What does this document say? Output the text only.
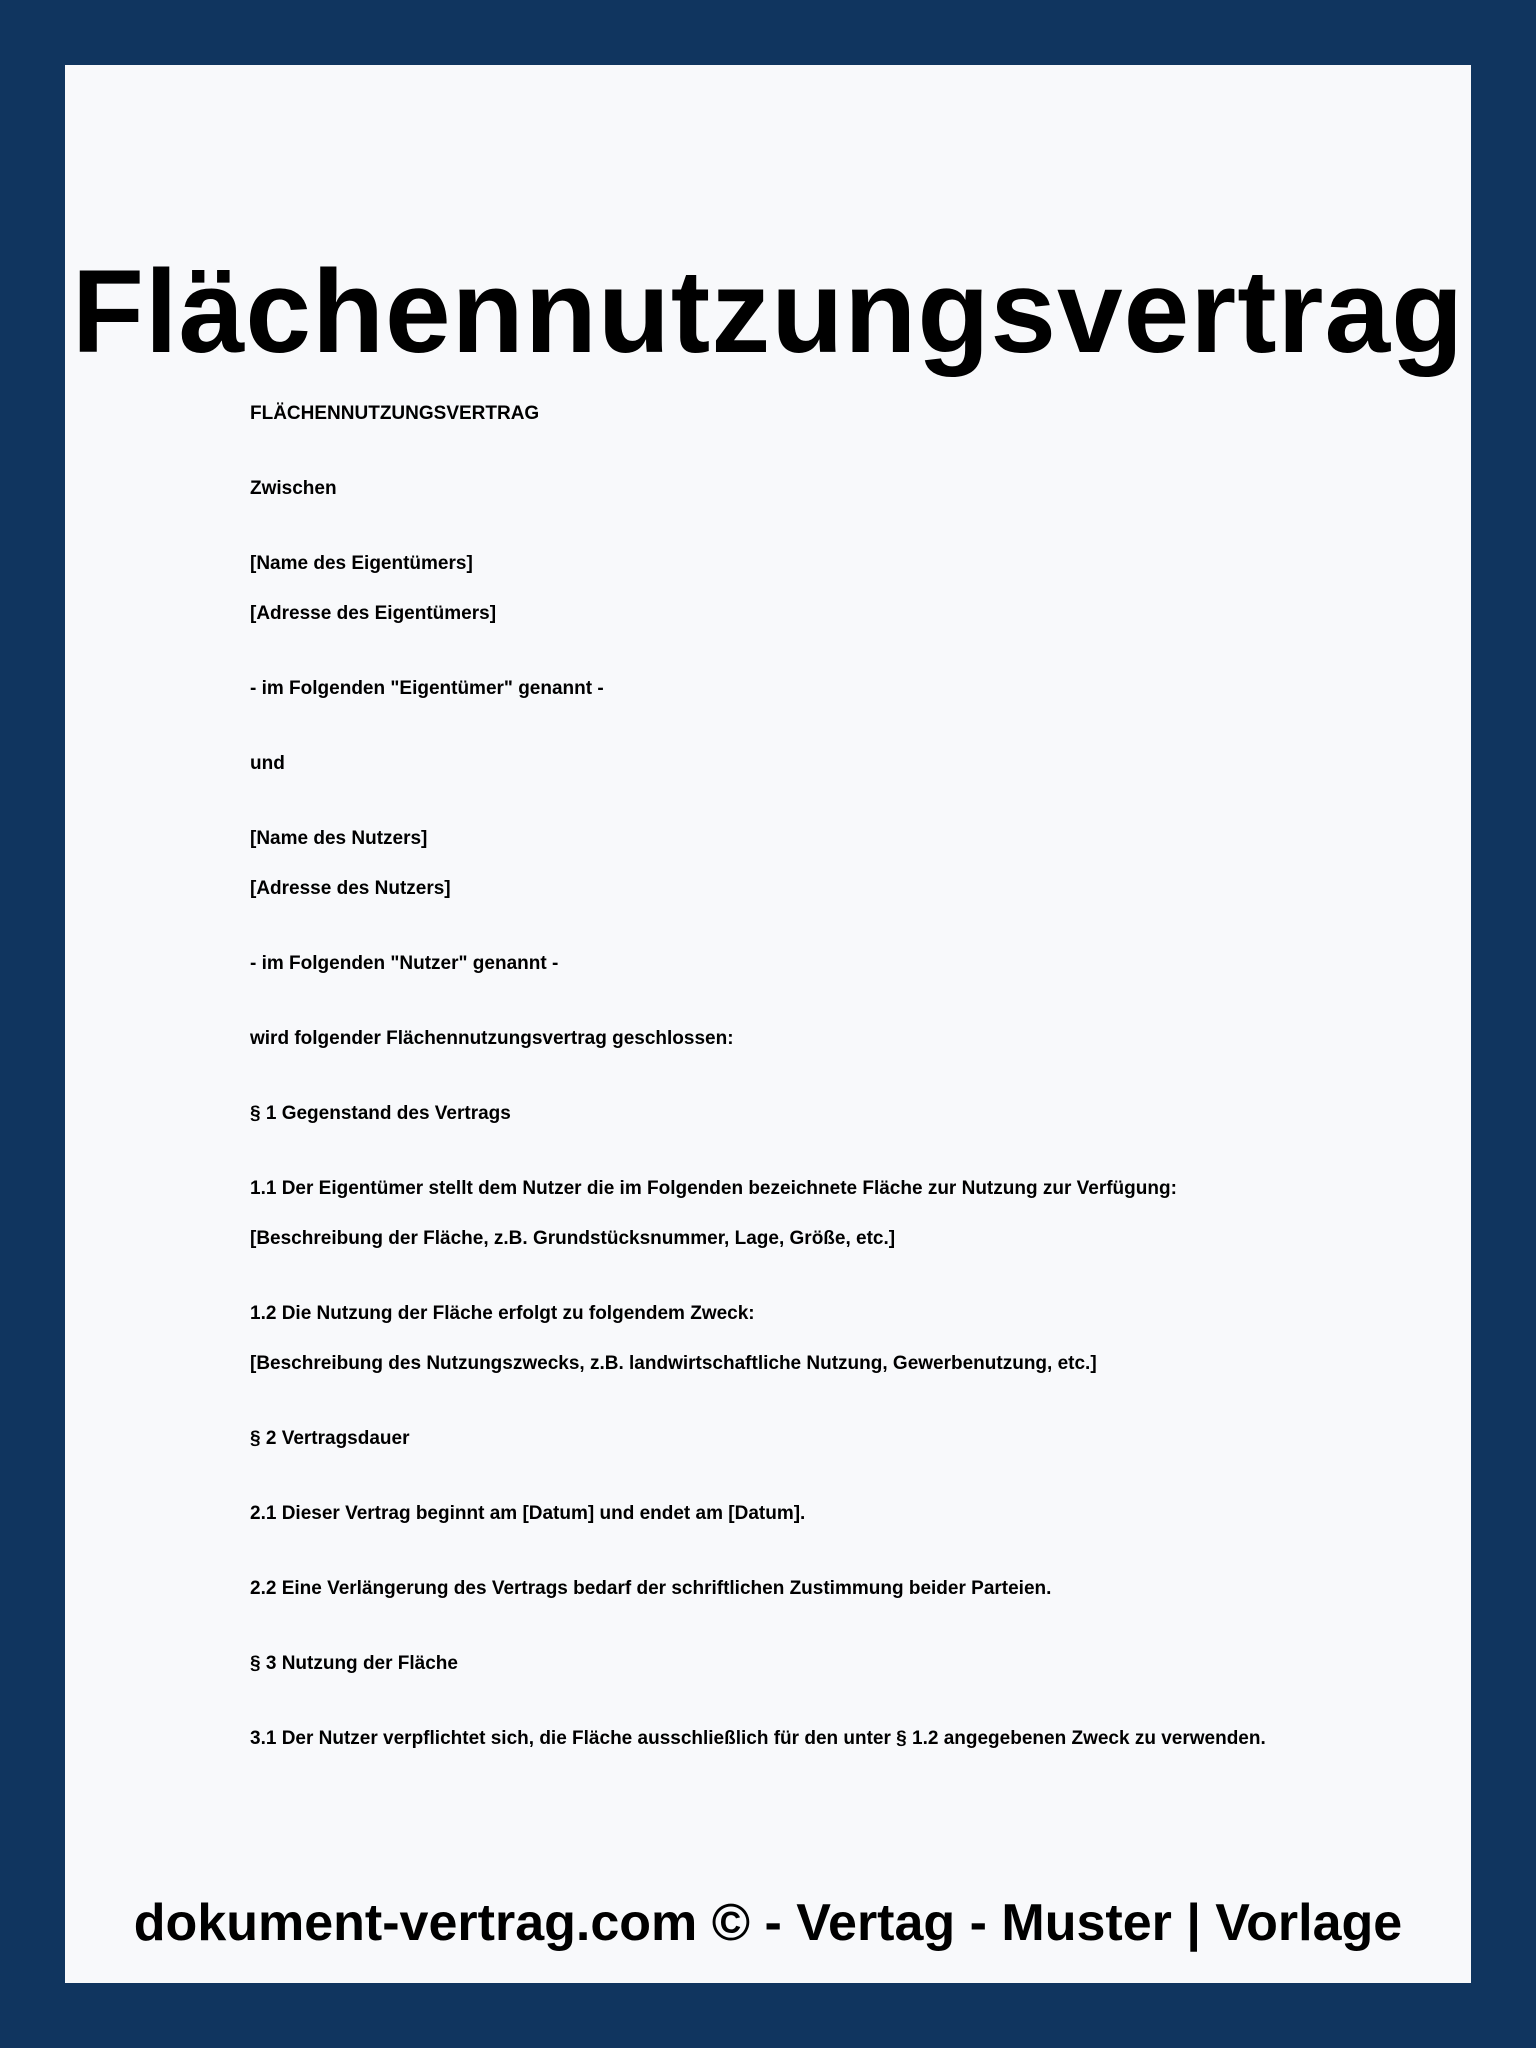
Flächennutzungsvertrag
FLÄCHENNUTZUNGSVERTRAG
Zwischen
[Name des Eigentümers]
[Adresse des Eigentümers]
- im Folgenden "Eigentümer" genannt -
und
[Name des Nutzers]
[Adresse des Nutzers]
- im Folgenden "Nutzer" genannt -
wird folgender Flächennutzungsvertrag geschlossen:
§ 1 Gegenstand des Vertrags
1.1 Der Eigentümer stellt dem Nutzer die im Folgenden bezeichnete Fläche zur Nutzung zur Verfügung:
[Beschreibung der Fläche, z.B. Grundstücksnummer, Lage, Größe, etc.]
1.2 Die Nutzung der Fläche erfolgt zu folgendem Zweck:
[Beschreibung des Nutzungszwecks, z.B. landwirtschaftliche Nutzung, Gewerbenutzung, etc.]
§ 2 Vertragsdauer
2.1 Dieser Vertrag beginnt am [Datum] und endet am [Datum].
2.2 Eine Verlängerung des Vertrags bedarf der schriftlichen Zustimmung beider Parteien.
§ 3 Nutzung der Fläche
3.1 Der Nutzer verpflichtet sich, die Fläche ausschließlich für den unter § 1.2 angegebenen Zweck zu verwenden.
dokument-vertrag.com © - Vertag - Muster | Vorlage
